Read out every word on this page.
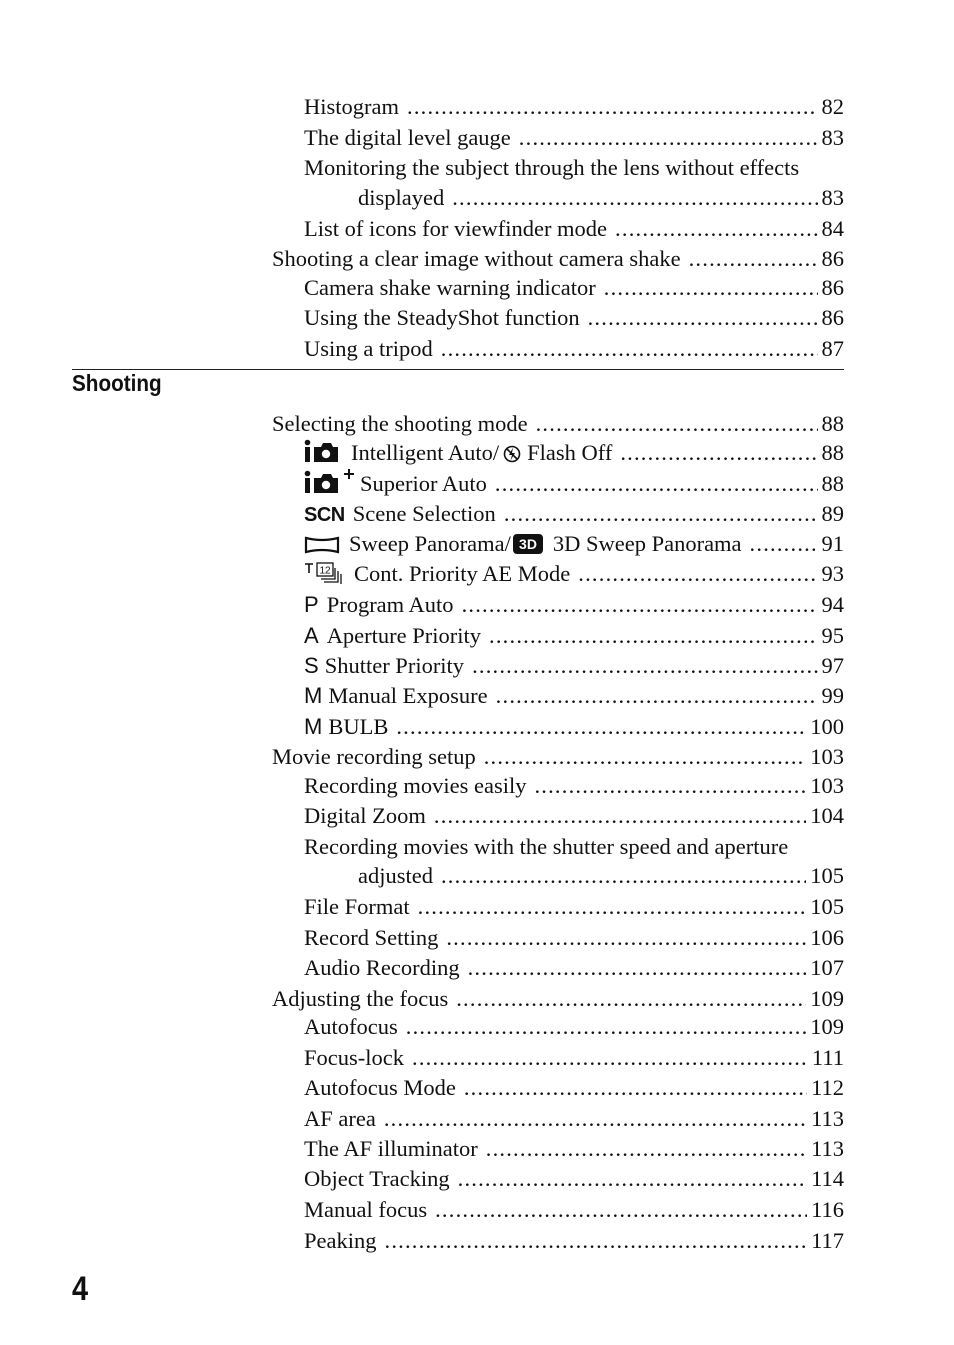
Histogram .....	82
The digital level gauge .....	83
Monitoring the subject through the lens without effects
displayed .....	83
List of icons for viewfinder mode .....	84
Shooting a clear image without camera shake .....	86
Camera shake warning indicator .....	86
Using the SteadyShot function .....	86
Using a tripod .....	87
Shooting
Selecting the shooting mode .....	88
Intelligent Auto/ Flash Off .....	88
Superior Auto .....	88
SCN Scene Selection .....	89
Sweep Panorama/ 3D 3D Sweep Panorama .....	91
12 Cont. Priority AE Mode .....	93
P Program Auto .....	94
A Aperture Priority .....	95
S Shutter Priority .....	97
M Manual Exposure .....	99
M BULB .....	100
Movie recording setup .....	103
Recording movies easily .....	103
Digital Zoom .....	104
Recording movies with the shutter speed and aperture
adjusted .....	105
File Format .....	105
Record Setting .....	106
Audio Recording .....	107
Adjusting the focus .....	109
Autofocus .....	109
Focus-lock .....	111
Autofocus Mode .....	112
AF area .....	113
The AF illuminator .....	113
Object Tracking .....	114
Manual focus .....	116
Peaking .....	117
4
